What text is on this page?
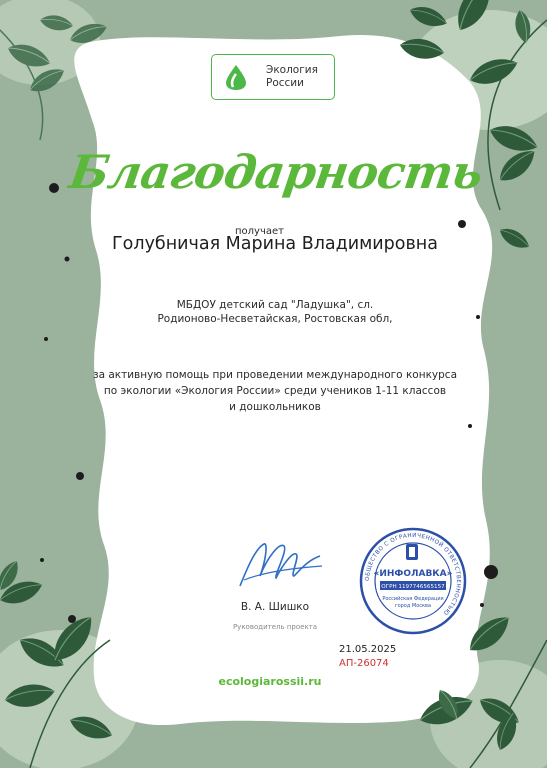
Экология
России
Благодарность
получает
Голубничая Марина Владимировна
МБДОУ детский сад "Ладушка", сл.
Родионово-Несветайская, Ростовская обл,
за активную помощь при проведении международного конкурса
по экологии «Экология России» среди учеников 1-11 классов
и дошкольников
В. А. Шишко
Руководитель проекта
ОБЩЕСТВО С ОГРАНИЧЕННОЙ ОТВЕТСТВЕННОСТЬЮ
«ИНФОЛАВКА»
ОГРН 1197746565157
Российская Федерация
город Москва
21.05.2025
АП-26074
ecologiarossii.ru
